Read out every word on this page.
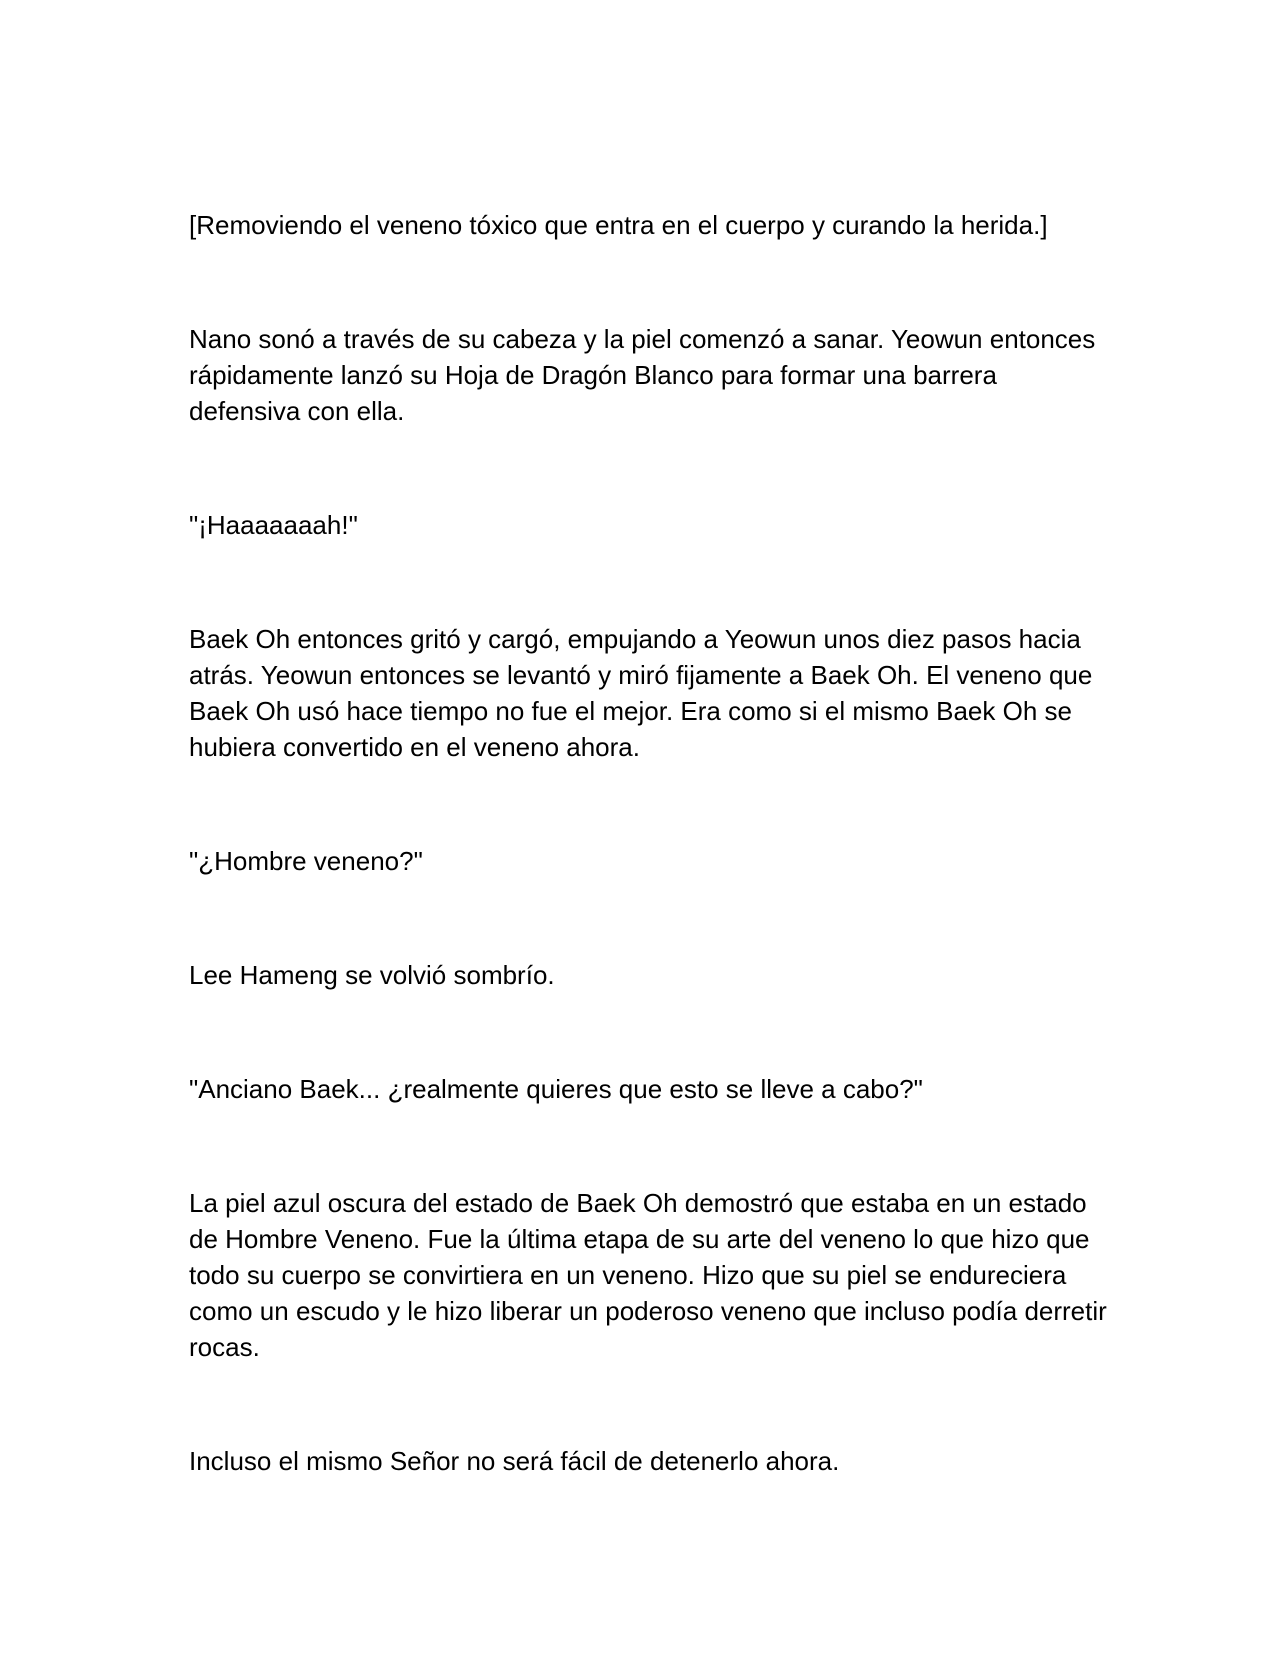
[Removiendo el veneno tóxico que entra en el cuerpo y curando la herida.]

Nano sonó a través de su cabeza y la piel comenzó a sanar. Yeowun entonces rápidamente lanzó su Hoja de Dragón Blanco para formar una barrera defensiva con ella.

"¡Haaaaaaah!"

Baek Oh entonces gritó y cargó, empujando a Yeowun unos diez pasos hacia atrás. Yeowun entonces se levantó y miró fijamente a Baek Oh. El veneno que Baek Oh usó hace tiempo no fue el mejor. Era como si el mismo Baek Oh se hubiera convertido en el veneno ahora.

"¿Hombre veneno?"

Lee Hameng se volvió sombrío.

"Anciano Baek... ¿realmente quieres que esto se lleve a cabo?"

La piel azul oscura del estado de Baek Oh demostró que estaba en un estado de Hombre Veneno. Fue la última etapa de su arte del veneno lo que hizo que todo su cuerpo se convirtiera en un veneno. Hizo que su piel se endureciera como un escudo y le hizo liberar un poderoso veneno que incluso podía derretir rocas.

Incluso el mismo Señor no será fácil de detenerlo ahora.
